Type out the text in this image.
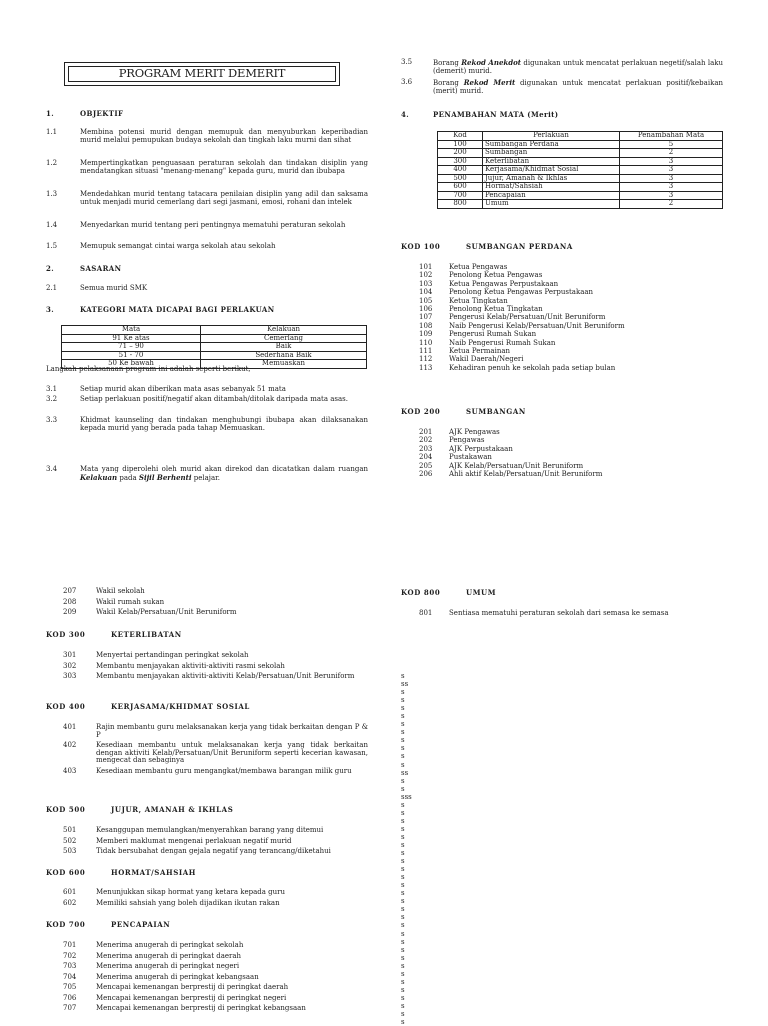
PROGRAM MERIT DEMERIT
1.	OBJEKTIF
1.1	Membina potensi murid dengan memupuk dan menyuburkan keperibadian murid melalui pemupukan budaya sekolah dan tingkah laku murni dan sihat
1.2	Mempertingkatkan penguasaan peraturan sekolah dan tindakan disiplin yang mendatangkan situasi "menang-menang" kepada guru, murid dan ibubapa
1.3	Mendedahkan murid tentang tatacara penilaian disiplin yang adil dan saksama untuk menjadi murid cemerlang dari segi jasmani, emosi, rohani dan intelek
1.4	Menyedarkan murid tentang peri pentingnya mematuhi peraturan sekolah
1.5	Memupuk semangat cintai warga sekolah atau sekolah
2.	SASARAN
2.1	Semua murid SMK
3.	KATEGORI MATA DICAPAI BAGI PERLAKUAN
Mata	Kelakuan
91 Ke atas	Cemerlang
71 – 90	Baik
51 - 70	Sederhana Baik
50 Ke bawah	Memuaskan
Langkah pelaksanaan program ini adalah seperti berikut,
3.1	Setiap murid akan diberikan mata asas sebanyak 51 mata
3.2	Setiap perlakuan positif/negatif akan ditambah/ditolak daripada mata asas.
3.3	Khidmat kaunseling dan tindakan menghubungi ibubapa akan dilaksanakan kepada murid yang berada pada tahap Memuaskan.
3.4	Mata yang diperolehi oleh murid akan direkod dan dicatatkan dalam ruangan Kelakuan pada Sijil Berhenti pelajar.
3.5	Borang Rekod Anekdot digunakan untuk mencatat perlakuan negetif/salah laku (demerit) murid.
3.6	Borang Rekod Merit digunakan untuk mencatat perlakuan positif/kebaikan (merit) murid.
4.	PENAMBAHAN MATA (Merit)
Kod	Perlakuan	Penambahan Mata
100	Sumbangan Perdana	5
200	Sumbangan	2
300	Keterlibatan	3
400	Kerjasama/Khidmat Sosial	3
500	Jujur, Amanah & Ikhlas	3
600	Hormat/Sahsiah	3
700	Pencapaian	3
800	Umum	2
KOD 100	SUMBANGAN PERDANA
101 Ketua Pengawas
102 Penolong Ketua Pengawas
103 Ketua Pengawas Perpustakaan
104 Penolong Ketua Pengawas Perpustakaan
105 Ketua Tingkatan
106 Penolong Ketua Tingkatan
107 Pengerusi Kelab/Persatuan/Unit Beruniform
108 Naib Pengerusi Kelab/Persatuan/Unit Beruniform
109 Pengerusi Rumah Sukan
110 Naib Pengerusi Rumah Sukan
111 Ketua Permainan
112 Wakil Daerah/Negeri
113 Kehadiran penuh ke sekolah pada setiap bulan
KOD 200	SUMBANGAN
201 AJK Pengawas
202 Pengawas
203 AJK Perpustakaan
204 Pustakawan
205 AJK Kelab/Persatuan/Unit Beruniform
206 Ahli aktif Kelab/Persatuan/Unit Beruniform
207	Wakil sekolah
208	Wakil rumah sukan
209	Wakil Kelab/Persatuan/Unit Beruniform
KOD 300	KETERLIBATAN
301	Menyertai pertandingan peringkat sekolah
302	Membantu menjayakan aktiviti-aktiviti rasmi sekolah
303	Membantu menjayakan aktiviti-aktiviti Kelab/Persatuan/Unit Beruniform
KOD 400	KERJASAMA/KHIDMAT SOSIAL
401	Rajin membantu guru melaksanakan kerja yang tidak berkaitan dengan P & P
402	Kesediaan membantu untuk melaksanakan kerja yang tidak berkaitan dengan aktiviti Kelab/Persatuan/Unit Beruniform seperti kecerian kawasan, mengecat dan sebaginya
403	Kesediaan membantu guru mengangkat/membawa barangan milik guru
KOD 500	JUJUR, AMANAH & IKHLAS
501	Kesanggupan memulangkan/menyerahkan barang yang ditemui
502	Memberi maklumat mengenai perlakuan negatif murid
503	Tidak bersubahat dengan gejala negatif yang terancang/diketahui
KOD 600	HORMAT/SAHSIAH
601	Menunjukkan sikap hormat yang ketara kepada guru
602	Memiliki sahsiah yang boleh dijadikan ikutan rakan
KOD 700	PENCAPAIAN
701	Menerima anugerah di peringkat sekolah
702	Menerima anugerah di peringkat daerah
703	Menerima anugerah di peringkat negeri
704	Menerima anugerah di peringkat kebangsaan
705	Mencapai kemenangan berprestij di peringkat daerah
706	Mencapai kemenangan berprestij di peringkat negeri
707	Mencapai kemenangan berprestij di peringkat kebangsaan
KOD 800	UMUM
801 Sentiasa mematuhi peraturan sekolah dari semasa ke semasa
s
ss
s
s
s
s
s
s
s
s
s
s
ss
s
s
sss
s
s
s
s
s
s
s
s
s
s
s
s
s
s
s
s
s
s
s
s
s
s
s
s
s
s
s
s
